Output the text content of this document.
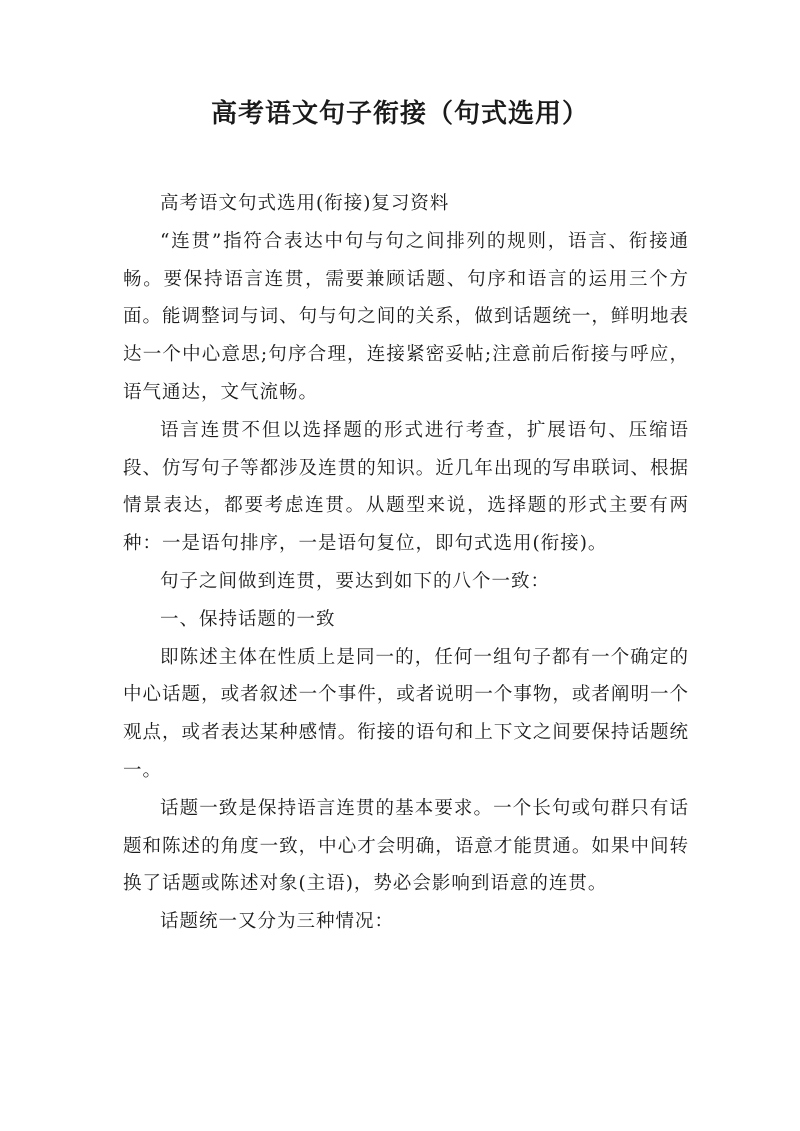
高考语文句子衔接（句式选用）

高考语文句式选用(衔接)复习资料

“连贯”指符合表达中句与句之间排列的规则，语言、衔接通畅。要保持语言连贯，需要兼顾话题、句序和语言的运用三个方面。能调整词与词、句与句之间的关系，做到话题统一，鲜明地表达一个中心意思;句序合理，连接紧密妥帖;注意前后衔接与呼应，语气通达，文气流畅。

语言连贯不但以选择题的形式进行考查，扩展语句、压缩语段、仿写句子等都涉及连贯的知识。近几年出现的写串联词、根据情景表达，都要考虑连贯。从题型来说，选择题的形式主要有两种：一是语句排序，一是语句复位，即句式选用(衔接)。

句子之间做到连贯，要达到如下的八个一致：

一、保持话题的一致

即陈述主体在性质上是同一的，任何一组句子都有一个确定的中心话题，或者叙述一个事件，或者说明一个事物，或者阐明一个观点，或者表达某种感情。衔接的语句和上下文之间要保持话题统一。

话题一致是保持语言连贯的基本要求。一个长句或句群只有话题和陈述的角度一致，中心才会明确，语意才能贯通。如果中间转换了话题或陈述对象(主语)，势必会影响到语意的连贯。

话题统一又分为三种情况：
